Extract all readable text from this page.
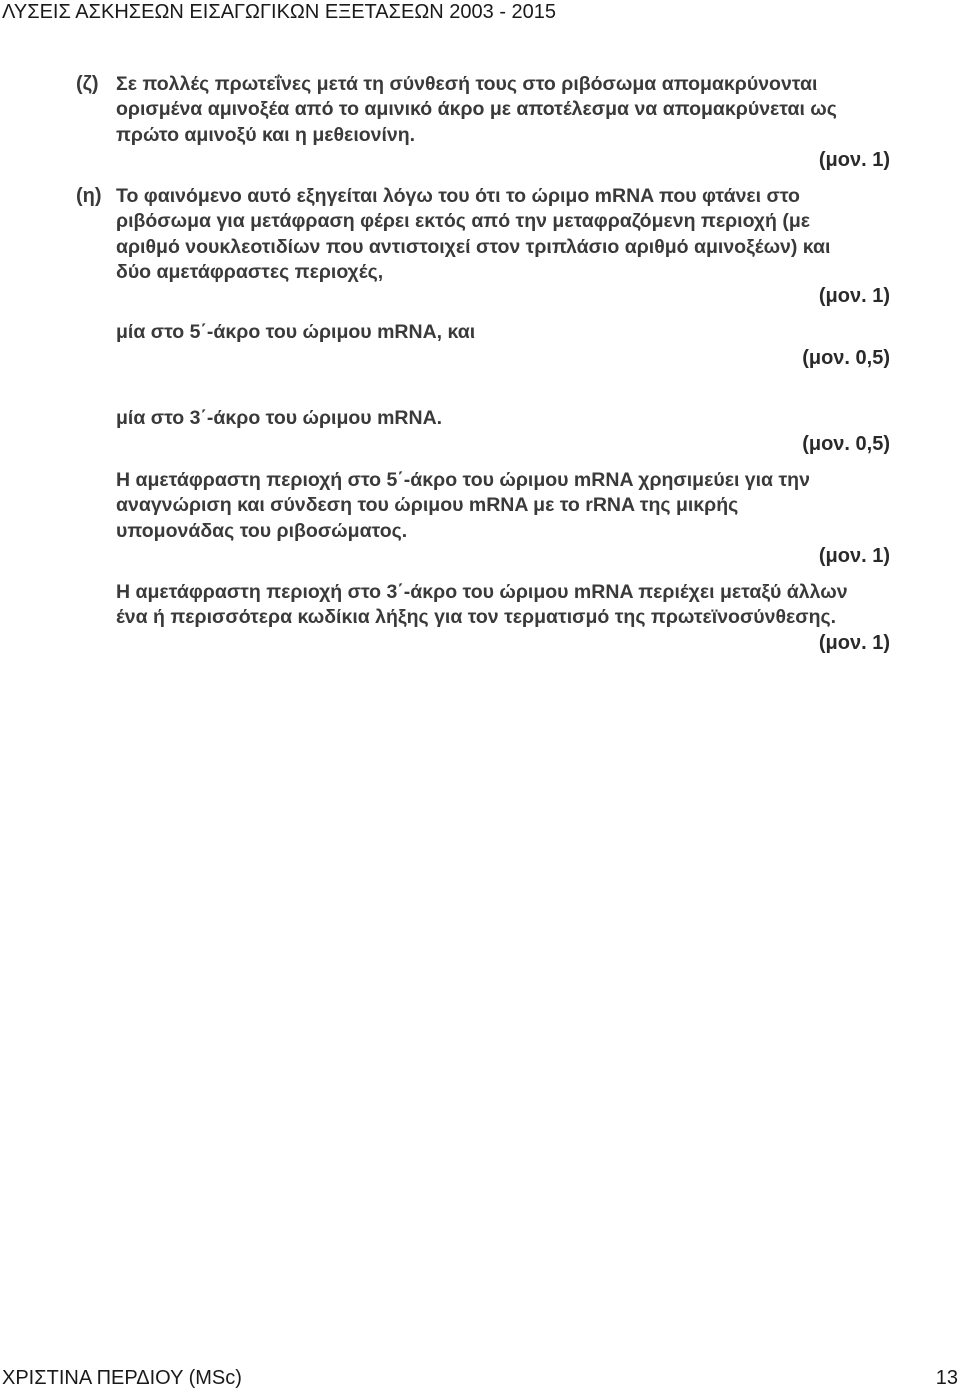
ΛΥΣΕΙΣ ΑΣΚΗΣΕΩΝ ΕΙΣΑΓΩΓΙΚΩΝ ΕΞΕΤΑΣΕΩΝ 2003 - 2015
(ζ) Σε πολλές πρωτεΐνες μετά τη σύνθεσή τους στο ριβόσωμα απομακρύνονται
ορισμένα αμινοξέα από το αμινικό άκρο με αποτέλεσμα να απομακρύνεται ως
πρώτο αμινοξύ και η μεθειονίνη.
(μον. 1)
(η) Το φαινόμενο αυτό εξηγείται λόγω του ότι το ώριμο mRNA που φτάνει στο
ριβόσωμα για μετάφραση φέρει εκτός από την μεταφραζόμενη περιοχή (με
αριθμό νουκλεοτιδίων που αντιστοιχεί στον τριπλάσιο αριθμό αμινοξέων) και
δύο αμετάφραστες περιοχές,
(μον. 1)
μία στο 5΄-άκρο του ώριμου mRNA, και
(μον. 0,5)
μία στο 3΄-άκρο του ώριμου mRNA.
(μον. 0,5)
Η αμετάφραστη περιοχή στο 5΄-άκρο του ώριμου mRNA χρησιμεύει για την
αναγνώριση και σύνδεση του ώριμου mRNA με το rRNA της μικρής
υπομονάδας του ριβοσώματος.
(μον. 1)
Η αμετάφραστη περιοχή στο 3΄-άκρο του ώριμου mRNA περιέχει μεταξύ άλλων
ένα ή περισσότερα κωδίκια λήξης για τον τερματισμό της πρωτεϊνοσύνθεσης.
(μον. 1)
ΧΡΙΣΤΙΝΑ ΠΕΡΔΙΟΥ (MSc)	13
